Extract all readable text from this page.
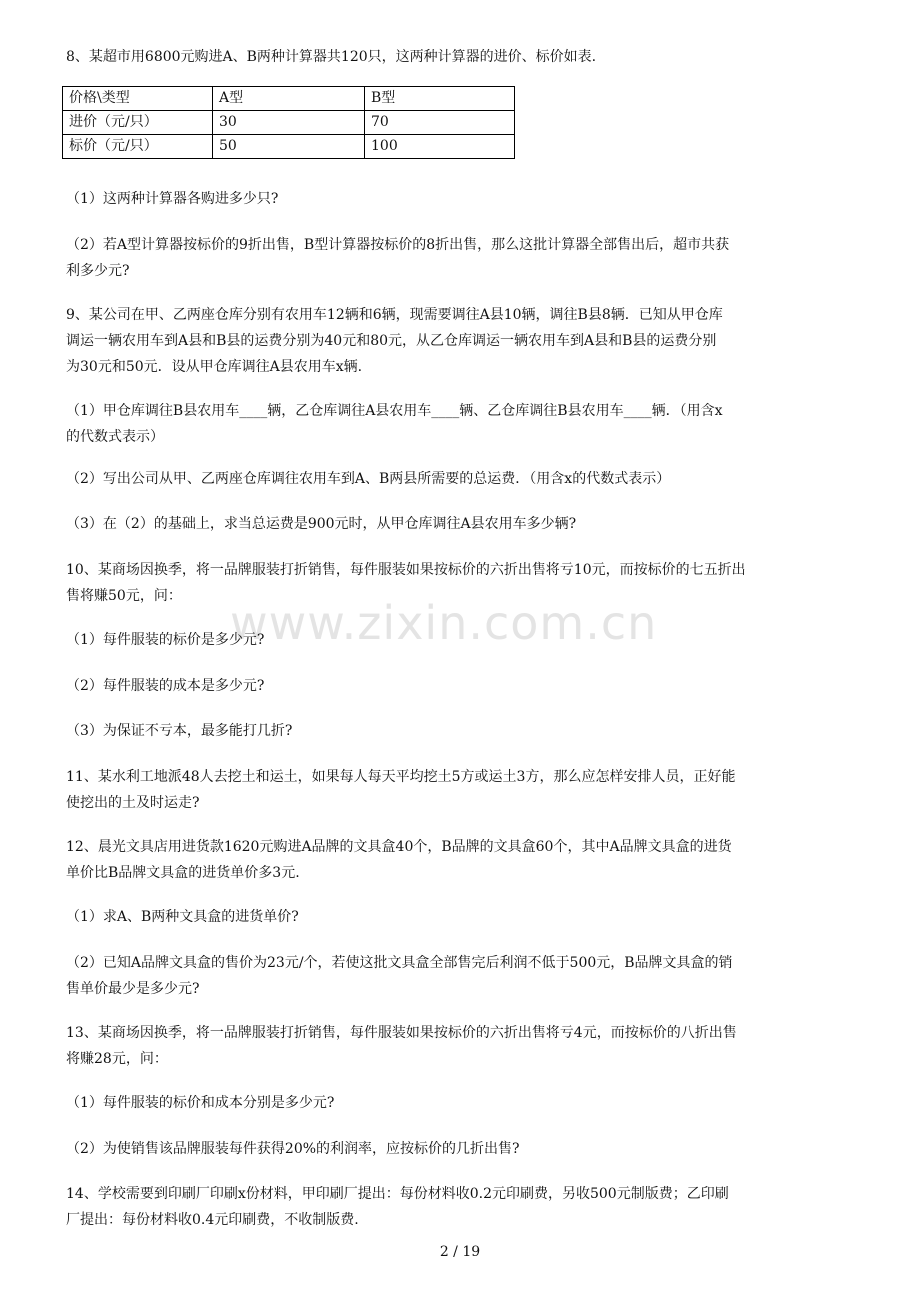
www.zixin.com.cn

8、某超市用6800元购进A、B两种计算器共120只，这两种计算器的进价、标价如表.

价格\类型	A型	B型
进价（元/只）	30	70
标价（元/只）	50	100

（1）这两种计算器各购进多少只?

（2）若A型计算器按标价的9折出售，B型计算器按标价的8折出售，那么这批计算器全部售出后，超市共获

利多少元?

9、某公司在甲、乙两座仓库分别有农用车12辆和6辆，现需要调往A县10辆，调往B县8辆．已知从甲仓库

调运一辆农用车到A县和B县的运费分别为40元和80元，从乙仓库调运一辆农用车到A县和B县的运费分别

为30元和50元．设从甲仓库调往A县农用车x辆.

（1）甲仓库调往B县农用车____辆，乙仓库调往A县农用车____辆、乙仓库调往B县农用车____辆．（用含x

的代数式表示）

（2）写出公司从甲、乙两座仓库调往农用车到A、B两县所需要的总运费．（用含x的代数式表示）

（3）在（2）的基础上，求当总运费是900元时，从甲仓库调往A县农用车多少辆?

10、某商场因换季，将一品牌服装打折销售，每件服装如果按标价的六折出售将亏10元，而按标价的七五折出

售将赚50元，问：

（1）每件服装的标价是多少元?

（2）每件服装的成本是多少元?

（3）为保证不亏本，最多能打几折?

11、某水利工地派48人去挖土和运土，如果每人每天平均挖土5方或运土3方，那么应怎样安排人员，正好能

使挖出的土及时运走?

12、晨光文具店用进货款1620元购进A品牌的文具盒40个，B品牌的文具盒60个，其中A品牌文具盒的进货

单价比B品牌文具盒的进货单价多3元.

（1）求A、B两种文具盒的进货单价?

（2）已知A品牌文具盒的售价为23元/个，若使这批文具盒全部售完后利润不低于500元，B品牌文具盒的销

售单价最少是多少元?

13、某商场因换季，将一品牌服装打折销售，每件服装如果按标价的六折出售将亏4元，而按标价的八折出售

将赚28元，问：

（1）每件服装的标价和成本分别是多少元?

（2）为使销售该品牌服装每件获得20%的利润率，应按标价的几折出售?

14、学校需要到印刷厂印刷x份材料，甲印刷厂提出：每份材料收0.2元印刷费，另收500元制版费；乙印刷

厂提出：每份材料收0.4元印刷费，不收制版费.

2 / 19
